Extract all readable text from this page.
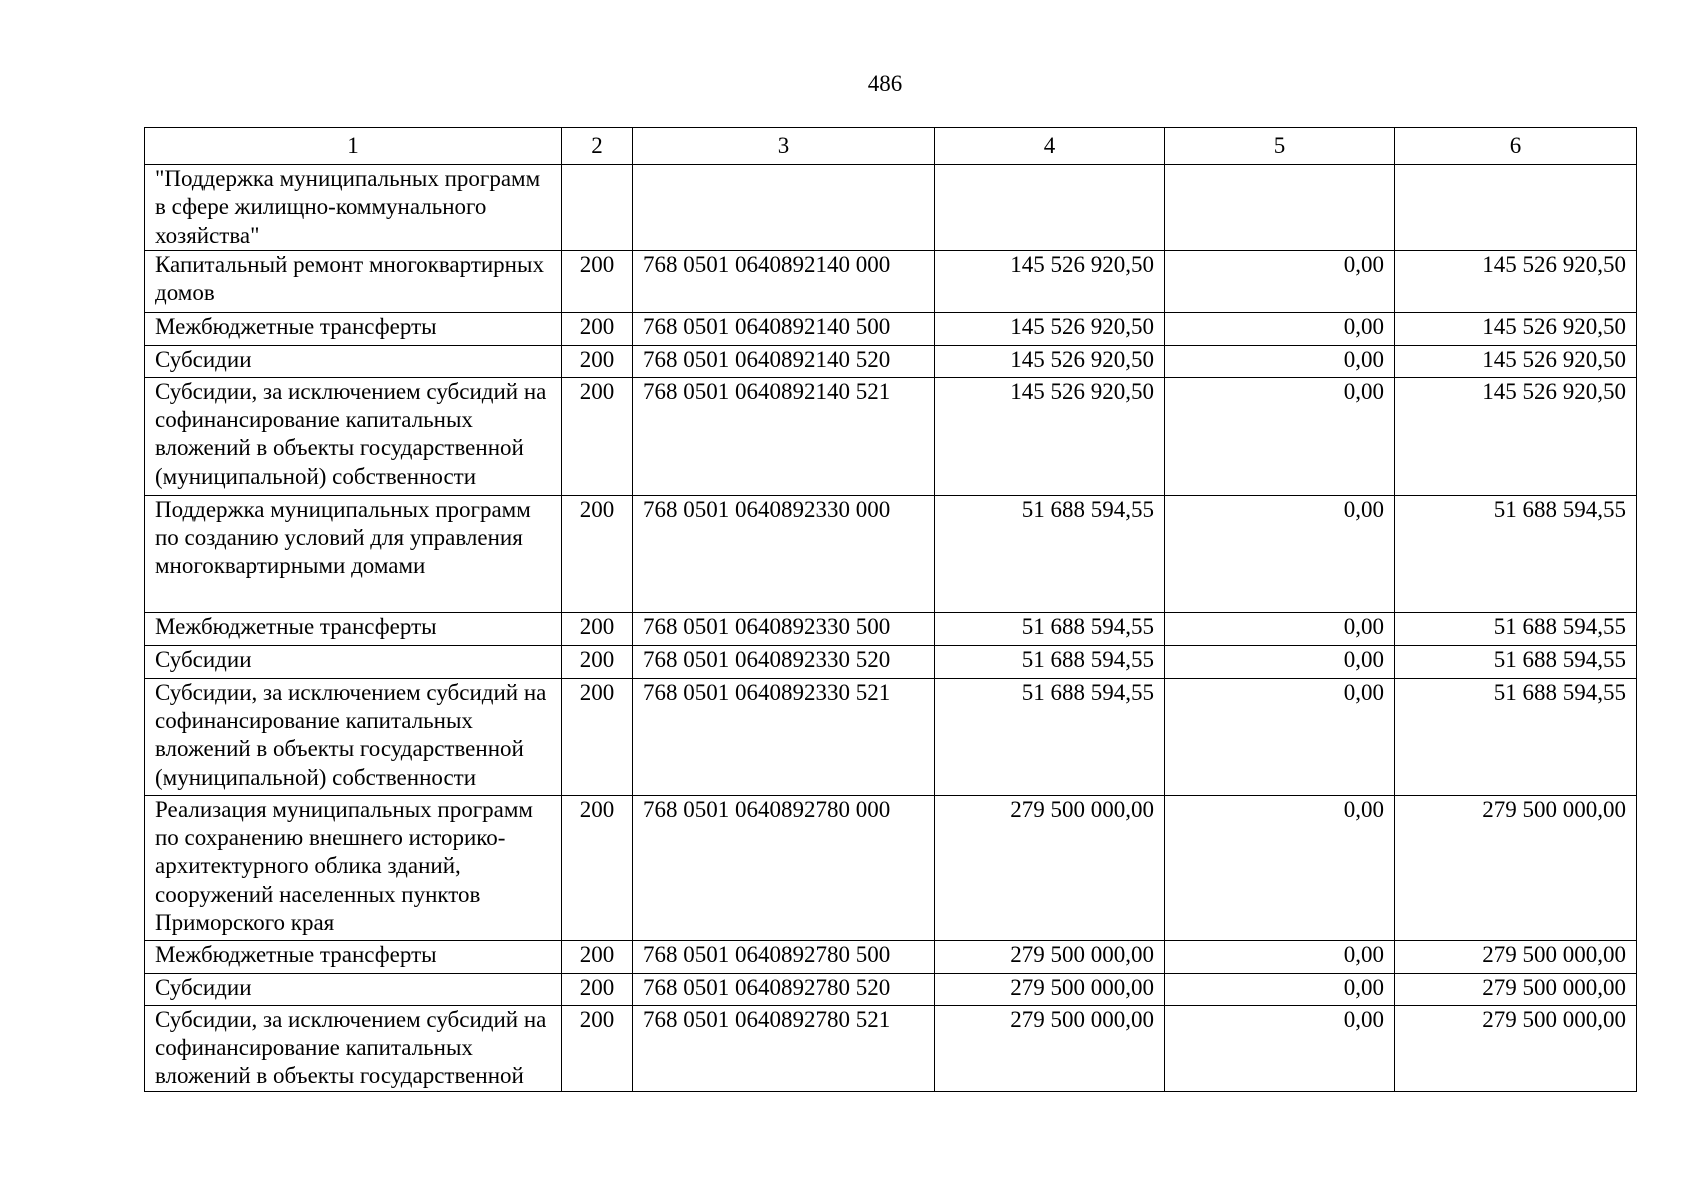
486
1	2	3	4	5	6
"Поддержка муниципальных программ в сфере жилищно-коммунального хозяйства"					
Капитальный ремонт многоквартирных домов	200	768 0501 0640892140 000	145 526 920,50	0,00	145 526 920,50
Межбюджетные трансферты	200	768 0501 0640892140 500	145 526 920,50	0,00	145 526 920,50
Субсидии	200	768 0501 0640892140 520	145 526 920,50	0,00	145 526 920,50
Субсидии, за исключением субсидий на софинансирование капитальных вложений в объекты государственной (муниципальной) собственности	200	768 0501 0640892140 521	145 526 920,50	0,00	145 526 920,50
Поддержка муниципальных программ по созданию условий для управления многоквартирными домами	200	768 0501 0640892330 000	51 688 594,55	0,00	51 688 594,55
Межбюджетные трансферты	200	768 0501 0640892330 500	51 688 594,55	0,00	51 688 594,55
Субсидии	200	768 0501 0640892330 520	51 688 594,55	0,00	51 688 594,55
Субсидии, за исключением субсидий на софинансирование капитальных вложений в объекты государственной (муниципальной) собственности	200	768 0501 0640892330 521	51 688 594,55	0,00	51 688 594,55
Реализация муниципальных программ по сохранению внешнего историко-архитектурного облика зданий, сооружений населенных пунктов Приморского края	200	768 0501 0640892780 000	279 500 000,00	0,00	279 500 000,00
Межбюджетные трансферты	200	768 0501 0640892780 500	279 500 000,00	0,00	279 500 000,00
Субсидии	200	768 0501 0640892780 520	279 500 000,00	0,00	279 500 000,00
Субсидии, за исключением субсидий на софинансирование капитальных вложений в объекты государственной	200	768 0501 0640892780 521	279 500 000,00	0,00	279 500 000,00
